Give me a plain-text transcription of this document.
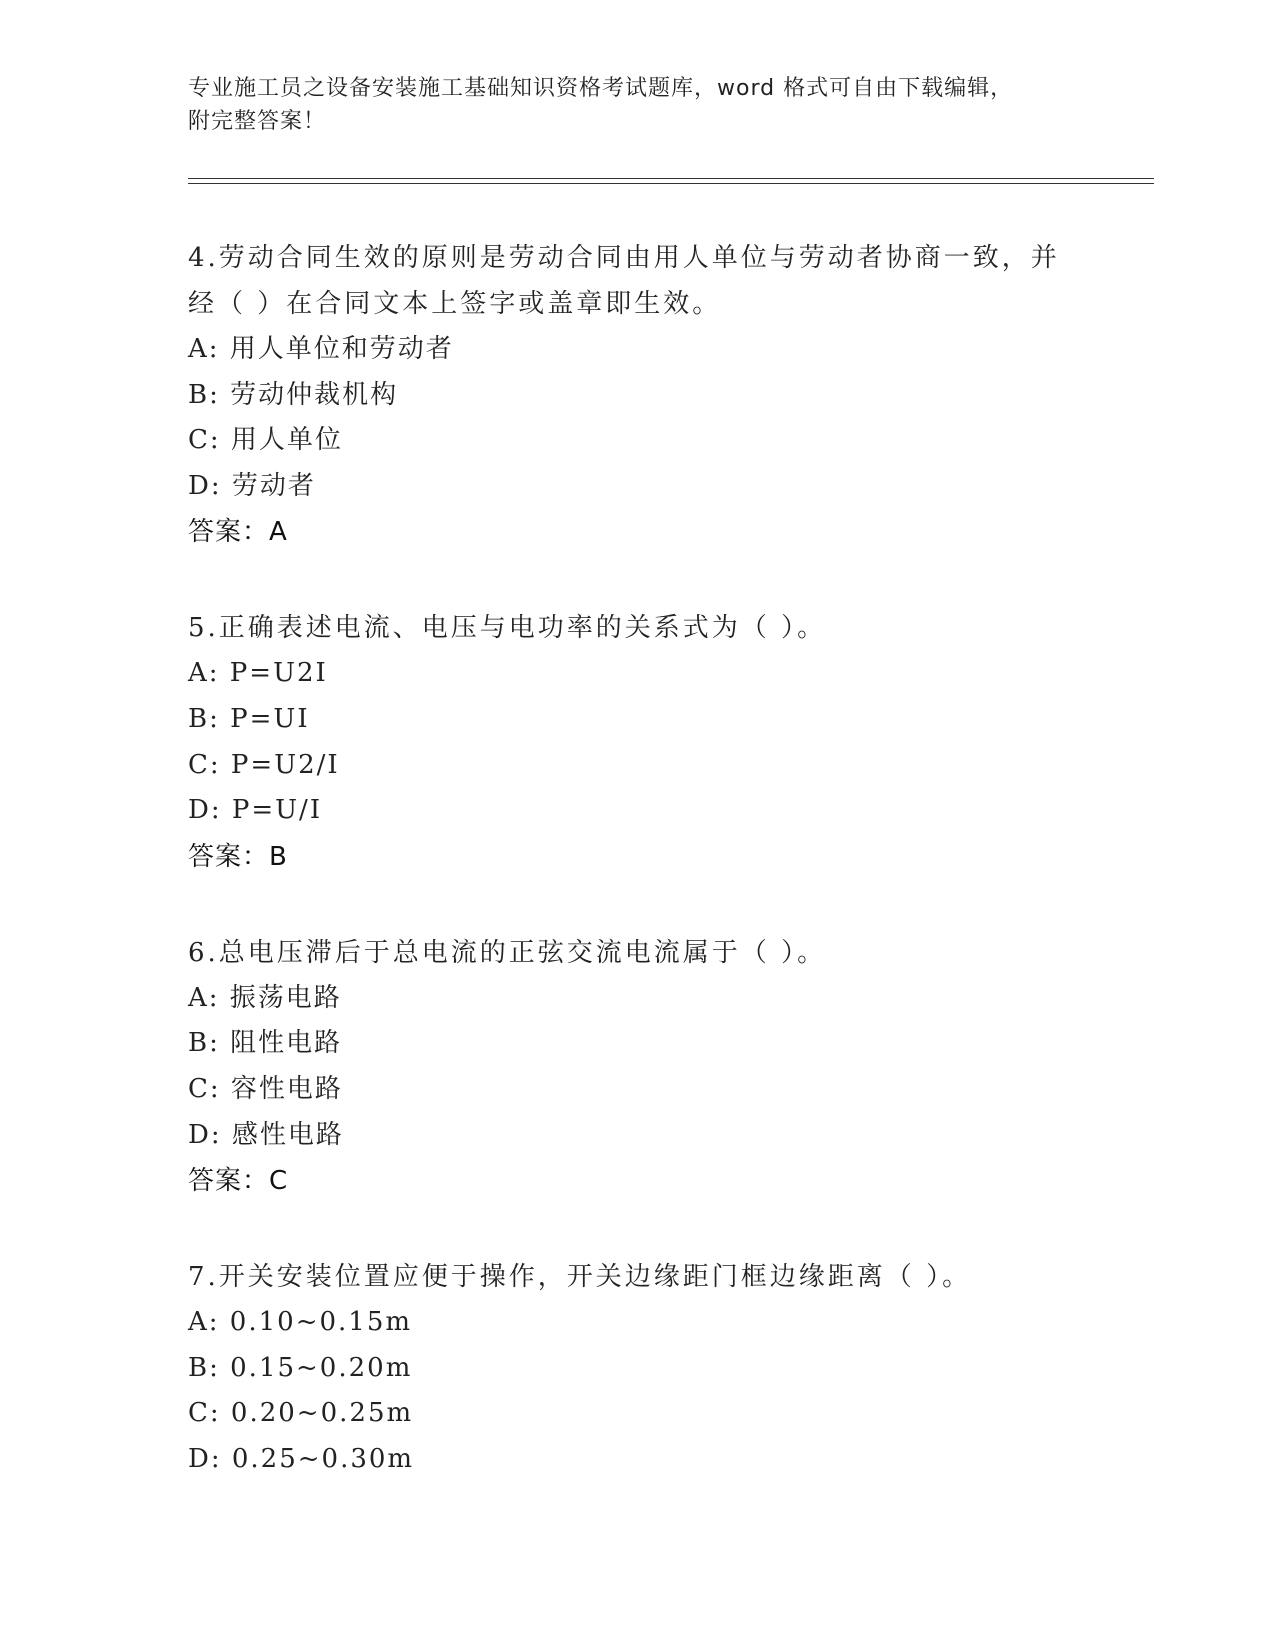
专业施工员之设备安装施工基础知识资格考试题库，word 格式可自由下载编辑，
附完整答案！
4.劳动合同生效的原则是劳动合同由用人单位与劳动者协商一致，并
经（ ）在合同文本上签字或盖章即生效。
A: 用人单位和劳动者
B: 劳动仲裁机构
C: 用人单位
D: 劳动者
答案：A
5.正确表述电流、电压与电功率的关系式为（ ）。
A: P=U2I
B: P=UI
C: P=U2/I
D: P=U/I
答案：B
6.总电压滞后于总电流的正弦交流电流属于（ ）。
A: 振荡电路
B: 阻性电路
C: 容性电路
D: 感性电路
答案：C
7.开关安装位置应便于操作，开关边缘距门框边缘距离（ ）。
A: 0.10~0.15m
B: 0.15~0.20m
C: 0.20~0.25m
D: 0.25~0.30m
